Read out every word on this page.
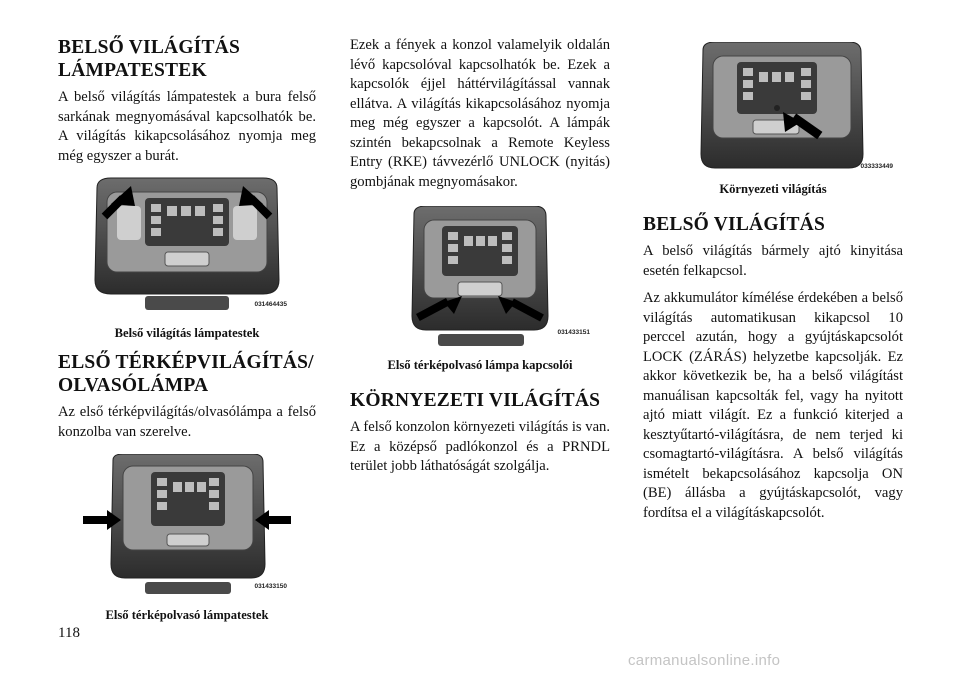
BELSŐ VILÁGÍTÁS LÁMPATESTEK

A belső világítás lámpatestek a bura felső sarkának megnyomásával kapcsolhatók be. A világítás kikapcsolásához nyomja meg még egyszer a burát.

031464435
Belső világítás lámpatestek
ELSŐ TÉRKÉPVILÁGÍTÁS/ OLVASÓLÁMPA

Az első térképvilágítás/olvasólámpa a felső konzolba van szerelve.

031433150
Első térképolvasó lámpatestek

Ezek a fények a konzol valamelyik oldalán lévő kapcsolóval kapcsolhatók be. Ezek a kapcsolók éjjel háttérvilágítással vannak ellátva. A világítás kikapcsolásához nyomja meg még egyszer a kapcsolót. A lámpák szintén bekapcsolnak a Remote Keyless Entry (RKE) távvezérlő UNLOCK (nyitás) gombjának megnyomásakor.

031433151
Első térképolvasó lámpa kapcsolói
KÖRNYEZETI VILÁGÍTÁS

A felső konzolon környezeti világítás is van. Ez a középső padlókonzol és a PRNDL terület jobb láthatóságát szolgálja.

033333449
Környezeti világítás
BELSŐ VILÁGÍTÁS

A belső világítás bármely ajtó kinyitása esetén felkapcsol.

Az akkumulátor kímélése érdekében a belső világítás automatikusan kikapcsol 10 perccel azután, hogy a gyújtáskapcsolót LOCK (ZÁRÁS) helyzetbe kapcsolják. Ez akkor következik be, ha a belső világítást manuálisan kapcsolták fel, vagy ha nyitott ajtó miatt világít. Ez a funkció kiterjed a kesztyűtartó-világításra, de nem terjed ki csomagtartó-világításra. A belső világítás ismételt bekapcsolásához kapcsolja ON (BE) állásba a gyújtáskapcsolót, vagy fordítsa el a világításkapcsolót.

118
carmanualsonline.info
